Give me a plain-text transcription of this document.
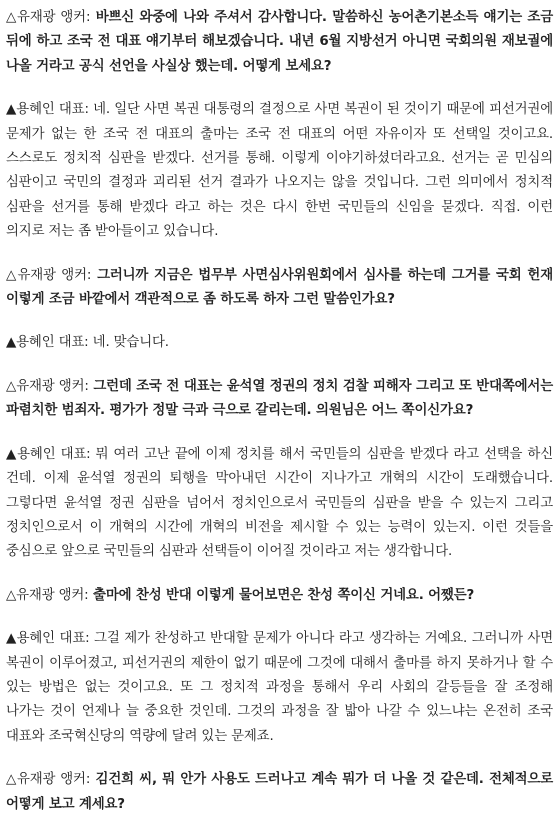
△유재광 앵커: 바쁘신 와중에 나와 주셔서 감사합니다. 말씀하신 농어촌기본소득 얘기는 조금 뒤에 하고 조국 전 대표 얘기부터 해보겠습니다. 내년 6월 지방선거 아니면 국회의원 재보궐에 나올 거라고 공식 선언을 사실상 했는데. 어떻게 보세요?

▲용혜인 대표: 네. 일단 사면 복권 대통령의 결정으로 사면 복권이 된 것이기 때문에 피선거권에 문제가 없는 한 조국 전 대표의 출마는 조국 전 대표의 어떤 자유이자 또 선택일 것이고요. 스스로도 정치적 심판을 받겠다. 선거를 통해. 이렇게 이야기하셨더라고요. 선거는 곧 민심의 심판이고 국민의 결정과 괴리된 선거 결과가 나오지는 않을 것입니다. 그런 의미에서 정치적 심판을 선거를 통해 받겠다 라고 하는 것은 다시 한번 국민들의 신임을 묻겠다. 직접. 이런 의지로 저는 좀 받아들이고 있습니다.

△유재광 앵커: 그러니까 지금은 법무부 사면심사위원회에서 심사를 하는데 그거를 국회 헌재 이렇게 조금 바깥에서 객관적으로 좀 하도록 하자 그런 말씀인가요?

▲용혜인 대표: 네. 맞습니다.

△유재광 앵커: 그런데 조국 전 대표는 윤석열 정권의 정치 검찰 피해자 그리고 또 반대쪽에서는 파렴치한 범죄자. 평가가 정말 극과 극으로 갈리는데. 의원님은 어느 쪽이신가요?

▲용혜인 대표: 뭐 여러 고난 끝에 이제 정치를 해서 국민들의 심판을 받겠다 라고 선택을 하신 건데. 이제 윤석열 정권의 퇴행을 막아내던 시간이 지나가고 개혁의 시간이 도래했습니다. 그렇다면 윤석열 정권 심판을 넘어서 정치인으로서 국민들의 심판을 받을 수 있는지 그리고 정치인으로서 이 개혁의 시간에 개혁의 비전을 제시할 수 있는 능력이 있는지. 이런 것들을 중심으로 앞으로 국민들의 심판과 선택들이 이어질 것이라고 저는 생각합니다.

△유재광 앵커: 출마에 찬성 반대 이렇게 물어보면은 찬성 쪽이신 거네요. 어쨌든?

▲용혜인 대표: 그걸 제가 찬성하고 반대할 문제가 아니다 라고 생각하는 거예요. 그러니까 사면 복권이 이루어졌고, 피선거권의 제한이 없기 때문에 그것에 대해서 출마를 하지 못하거나 할 수 있는 방법은 없는 것이고요. 또 그 정치적 과정을 통해서 우리 사회의 갈등들을 잘 조정해 나가는 것이 언제나 늘 중요한 것인데. 그것의 과정을 잘 밟아 나갈 수 있느냐는 온전히 조국 대표와 조국혁신당의 역량에 달려 있는 문제죠.

△유재광 앵커: 김건희 씨, 뭐 안가 사용도 드러나고 계속 뭐가 더 나올 것 같은데. 전체적으로 어떻게 보고 계세요?
